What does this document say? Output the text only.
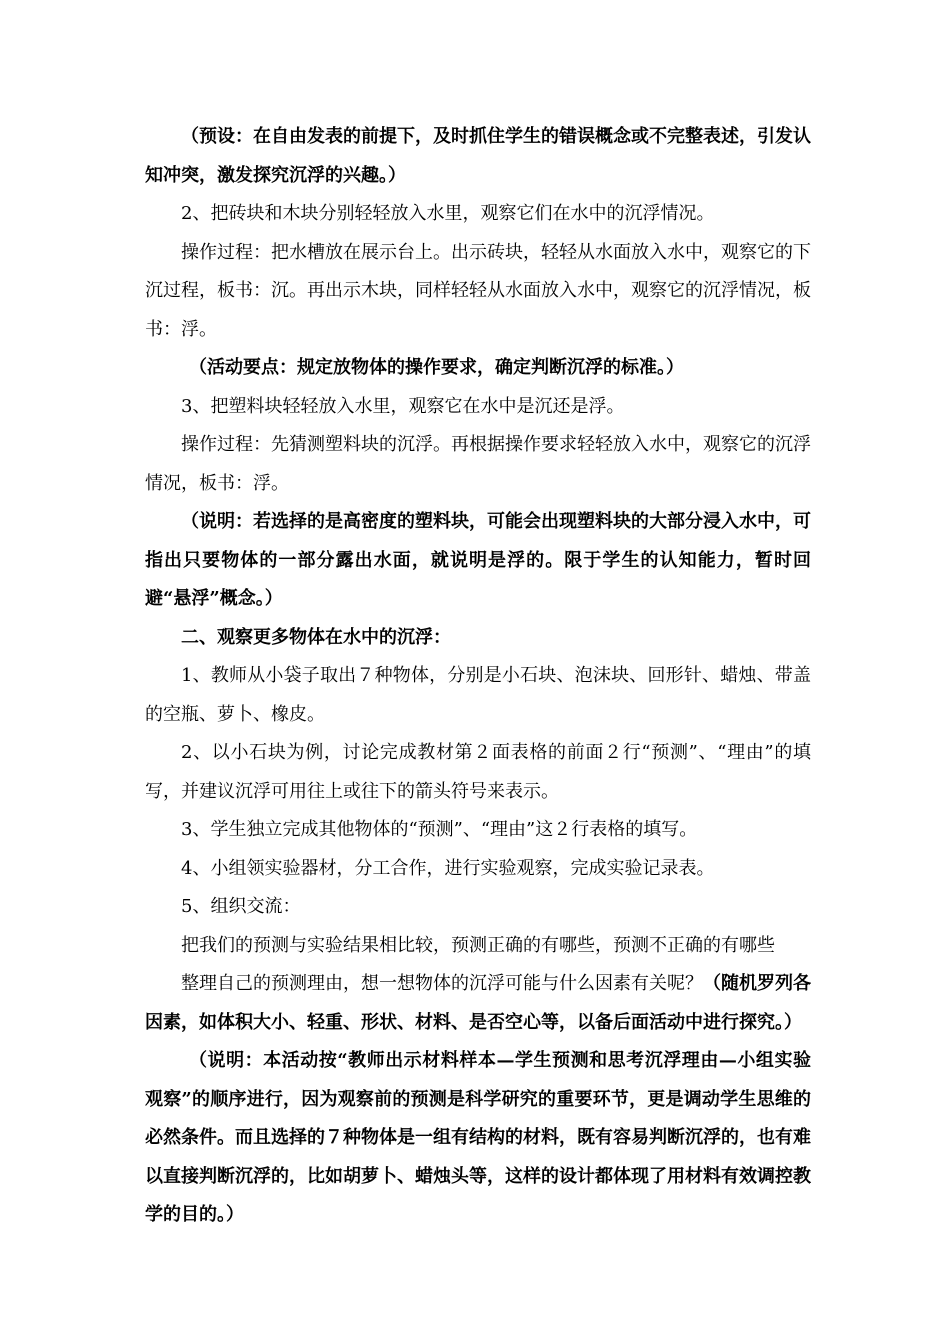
（预设：在自由发表的前提下，及时抓住学生的错误概念或不完整表述，引发认知冲突，激发探究沉浮的兴趣。）

2、把砖块和木块分别轻轻放入水里，观察它们在水中的沉浮情况。

操作过程：把水槽放在展示台上。出示砖块，轻轻从水面放入水中，观察它的下沉过程，板书：沉。再出示木块，同样轻轻从水面放入水中，观察它的沉浮情况，板书：浮。

（活动要点：规定放物体的操作要求，确定判断沉浮的标准。）

3、把塑料块轻轻放入水里，观察它在水中是沉还是浮。

操作过程：先猜测塑料块的沉浮。再根据操作要求轻轻放入水中，观察它的沉浮情况，板书：浮。

（说明：若选择的是高密度的塑料块，可能会出现塑料块的大部分浸入水中，可指出只要物体的一部分露出水面，就说明是浮的。限于学生的认知能力，暂时回避“悬浮”概念。）

二、观察更多物体在水中的沉浮：

1、教师从小袋子取出７种物体，分别是小石块、泡沫块、回形针、蜡烛、带盖的空瓶、萝卜、橡皮。

2、以小石块为例，讨论完成教材第２面表格的前面２行“预测”、“理由”的填写，并建议沉浮可用往上或往下的箭头符号来表示。

3、学生独立完成其他物体的“预测”、“理由”这２行表格的填写。

4、小组领实验器材，分工合作，进行实验观察，完成实验记录表。

5、组织交流：

把我们的预测与实验结果相比较，预测正确的有哪些，预测不正确的有哪些

整理自己的预测理由，想一想物体的沉浮可能与什么因素有关呢？（随机罗列各因素，如体积大小、轻重、形状、材料、是否空心等，以备后面活动中进行探究。）

（说明：本活动按“教师出示材料样本—学生预测和思考沉浮理由—小组实验观察”的顺序进行，因为观察前的预测是科学研究的重要环节，更是调动学生思维的必然条件。而且选择的７种物体是一组有结构的材料，既有容易判断沉浮的，也有难以直接判断沉浮的，比如胡萝卜、蜡烛头等，这样的设计都体现了用材料有效调控教学的目的。）
